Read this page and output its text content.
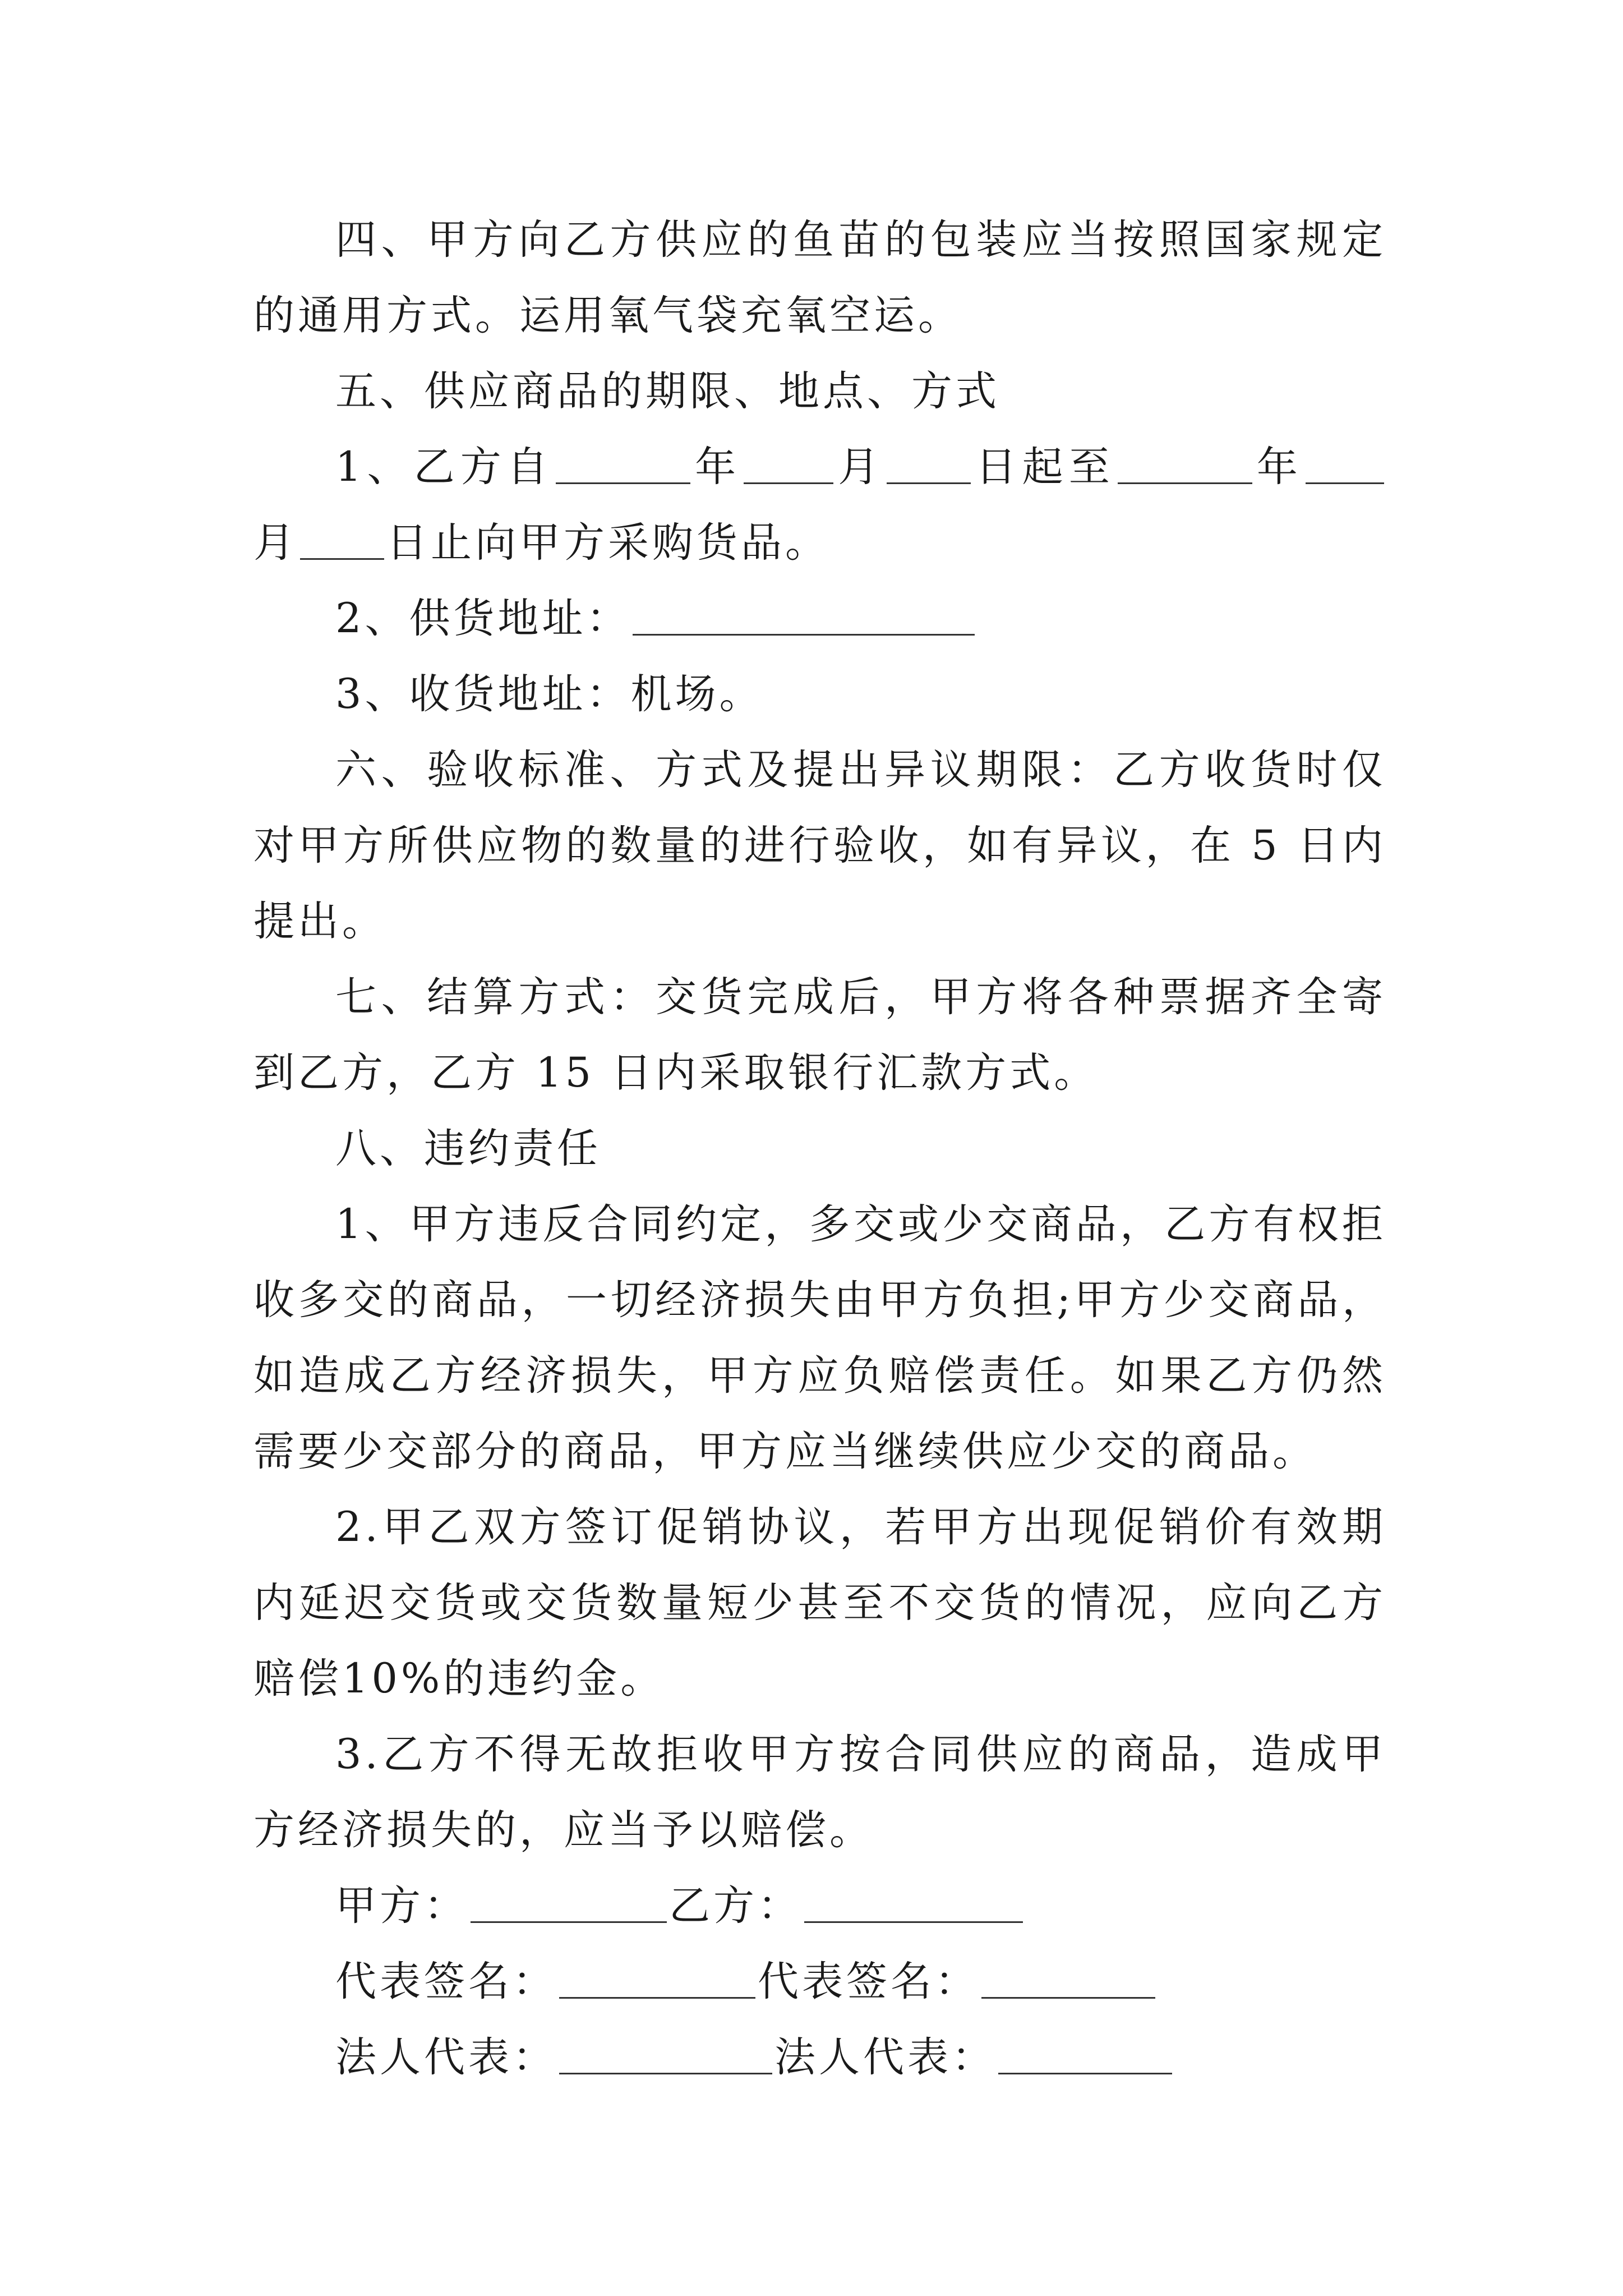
四、甲方向乙方供应的鱼苗的包装应当按照国家规定的通用方式。运用氧气袋充氧空运。

五、供应商品的期限、地点、方式

1、乙方自	年 月 日起至	年月 日止向甲方采购货品。

2、供货地址：

3、收货地址：机场。

六、验收标准、方式及提出异议期限：乙方收货时仅对甲方所供应物的数量的进行验收，如有异议，在 5 日内提出。

七、结算方式：交货完成后，甲方将各种票据齐全寄到乙方，乙方 15 日内采取银行汇款方式。

八、违约责任

1、甲方违反合同约定，多交或少交商品，乙方有权拒收多交的商品，一切经济损失由甲方负担;甲方少交商品，如造成乙方经济损失，甲方应负赔偿责任。如果乙方仍然需要少交部分的商品，甲方应当继续供应少交的商品。

2.甲乙双方签订促销协议，若甲方出现促销价有效期内延迟交货或交货数量短少甚至不交货的情况，应向乙方赔偿10%的违约金。

3.乙方不得无故拒收甲方按合同供应的商品，造成甲方经济损失的，应当予以赔偿。

甲方：	乙方：

代表签名：	代表签名：

法人代表：	法人代表：
